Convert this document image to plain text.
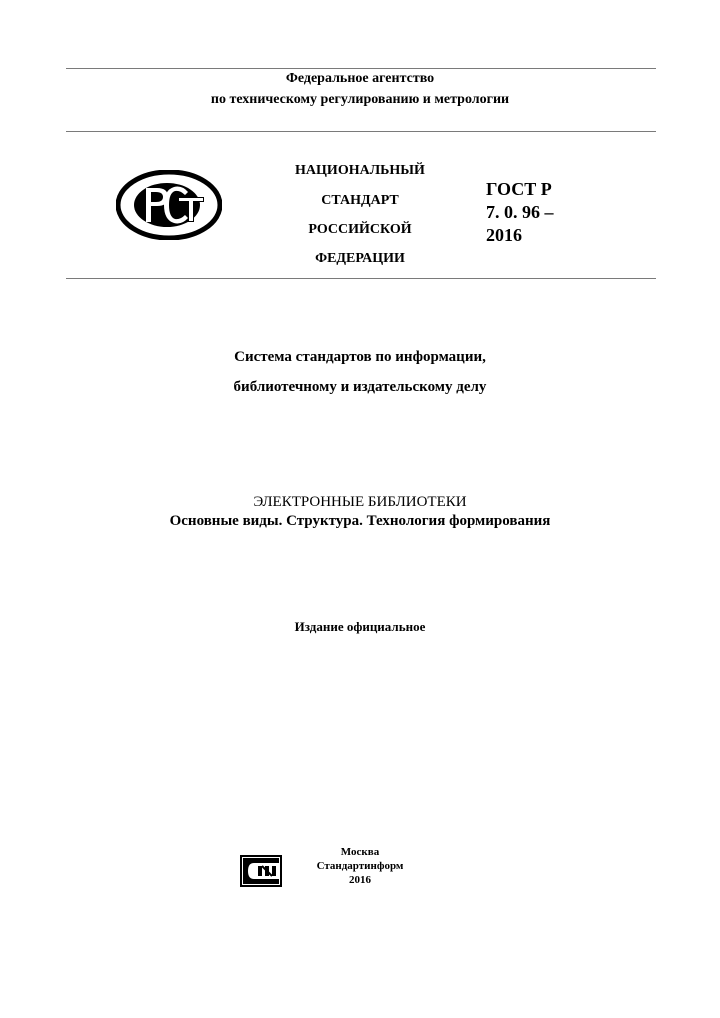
Федеральное агентство
по техническому регулированию и метрологии
НАЦИОНАЛЬНЫЙ
СТАНДАРТ
РОССИЙСКОЙ
ФЕДЕРАЦИИ
ГОСТ Р
7. 0. 96 –
2016
Система стандартов по информации,
библиотечному и издательскому делу
ЭЛЕКТРОННЫЕ БИБЛИОТЕКИ
Основные виды. Структура. Технология формирования
Издание официальное
Москва
Стандартинформ
2016
